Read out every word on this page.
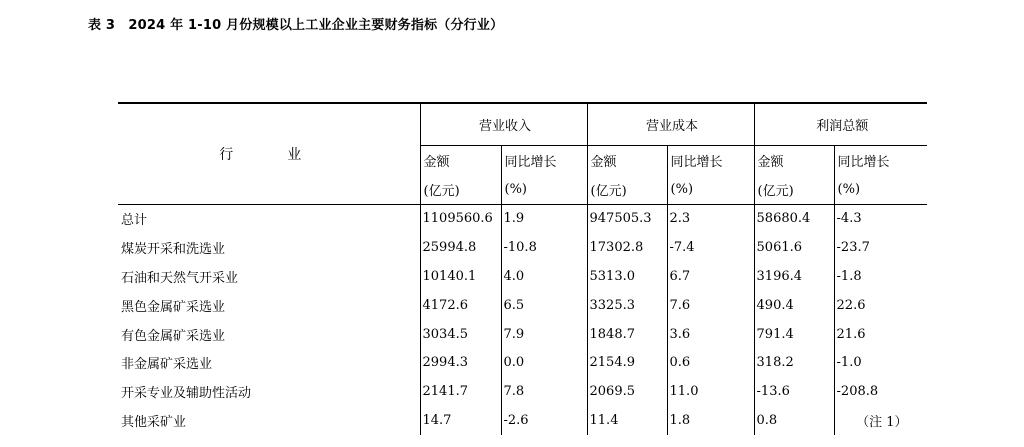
表 3　2024 年 1-10 月份规模以上工业企业主要财务指标（分行业）
行　业	营业收入		营业成本		利润总额	
	金额	同比增长	金额	同比增长	金额	同比增长
	(亿元)	(%)	(亿元)	(%)	(亿元)	(%)
总计	1109560.6	1.9	947505.3	2.3	58680.4	-4.3
煤炭开采和洗选业	25994.8	-10.8	17302.8	-7.4	5061.6	-23.7
石油和天然气开采业	10140.1	4.0	5313.0	6.7	3196.4	-1.8
黑色金属矿采选业	4172.6	6.5	3325.3	7.6	490.4	22.6
有色金属矿采选业	3034.5	7.9	1848.7	3.6	791.4	21.6
非金属矿采选业	2994.3	0.0	2154.9	0.6	318.2	-1.0
开采专业及辅助性活动	2141.7	7.8	2069.5	11.0	-13.6	-208.8
其他采矿业	14.7	-2.6	11.4	1.8	0.8	（注 1）
